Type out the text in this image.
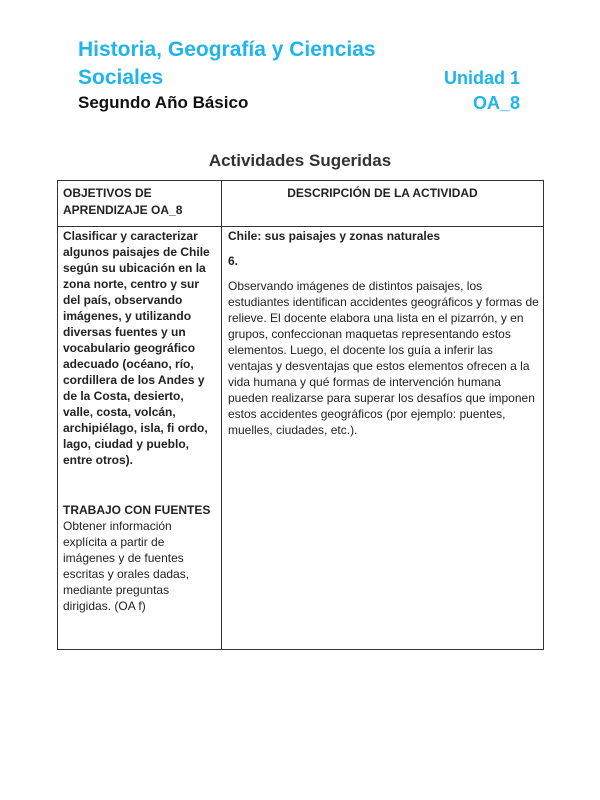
Historia, Geografía y Ciencias Sociales	Unidad 1
Segundo Año Básico	OA_8
Actividades Sugeridas
OBJETIVOS DE APRENDIZAJE OA_8
DESCRIPCIÓN DE LA ACTIVIDAD
Clasificar y caracterizar algunos paisajes de Chile según su ubicación en la zona norte, centro y sur del país, observando imágenes, y utilizando diversas fuentes y un vocabulario geográfico adecuado (océano, río, cordillera de los Andes y de la Costa, desierto, valle, costa, volcán, archipiélago, isla, fi ordo, lago, ciudad y pueblo, entre otros).
TRABAJO CON FUENTES
Obtener información explícita a partir de imágenes y de fuentes escritas y orales dadas, mediante preguntas dirigidas. (OA f)
Chile: sus paisajes y zonas naturales
6.
Observando imágenes de distintos paisajes, los estudiantes identifican accidentes geográficos y formas de relieve. El docente elabora una lista en el pizarrón, y en grupos, confeccionan maquetas representando estos elementos. Luego, el docente los guía a inferir las ventajas y desventajas que estos elementos ofrecen a la vida humana y qué formas de intervención humana pueden realizarse para superar los desafíos que imponen estos accidentes geográficos (por ejemplo: puentes, muelles, ciudades, etc.).
